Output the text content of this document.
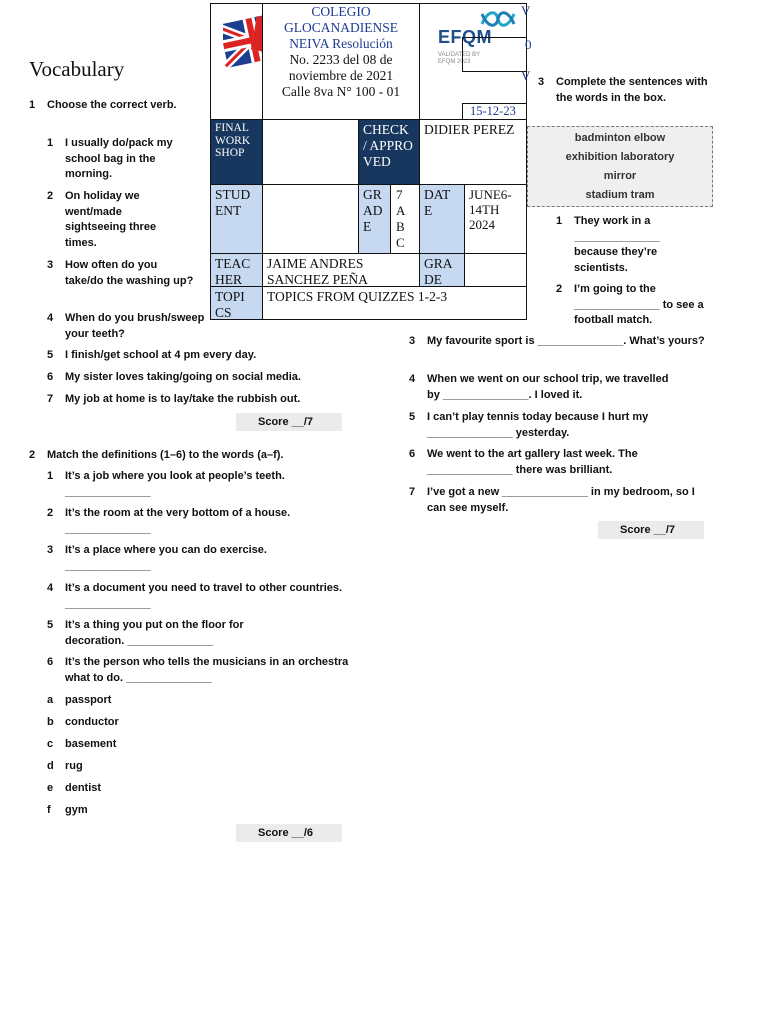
COLEGIO
GLOCANADIENSE
NEIVA Resolución
No. 2233 del 08 de
noviembre de 2021
Calle 8va N° 100 - 01
EFQM
VALIDATED BY
EFQM 2023
15-12-23
V
0
V
FINAL WORK SHOP
CHECK / APPRO VED
DIDIER PEREZ
STUD ENT
GR AD E
7 A B C
DAT E
JUNE6- 14TH 2024
TEAC HER
JAIME ANDRES SANCHEZ PEÑA
GRA DE
TOPI CS
TOPICS FROM QUIZZES 1-2-3
Vocabulary
1 Choose the correct verb.
1 I usually do/pack my school bag in the morning.
2 On holiday we went/made sightseeing three times.
3 How often do you take/do the washing up?
4 When do you brush/sweep your teeth?
5 I finish/get school at 4 pm every day.
6 My sister loves taking/going on social media.
7 My job at home is to lay/take the rubbish out.
Score __/7
2 Match the definitions (1–6) to the words (a–f).
1 It’s a job where you look at people’s teeth.
______________
2 It’s the room at the very bottom of a house.
______________
3 It’s a place where you can do exercise.
______________
4 It’s a document you need to travel to other countries. ______________
5 It’s a thing you put on the floor for decoration. ______________
6 It’s the person who tells the musicians in an orchestra what to do. ______________
a passport
b conductor
c basement
d rug
e dentist
f gym
Score __/6
3 Complete the sentences with the words in the box.
badminton elbow
exhibition laboratory
mirror
stadium tram
1 They work in a ______________ because they’re scientists.
2 I’m going to the ______________ to see a football match.
3 My favourite sport is ______________. What’s yours?
4 When we went on our school trip, we travelled by ______________. I loved it.
5 I can’t play tennis today because I hurt my ______________ yesterday.
6 We went to the art gallery last week. The ______________ there was brilliant.
7 I’ve got a new ______________ in my bedroom, so I can see myself.
Score __/7
